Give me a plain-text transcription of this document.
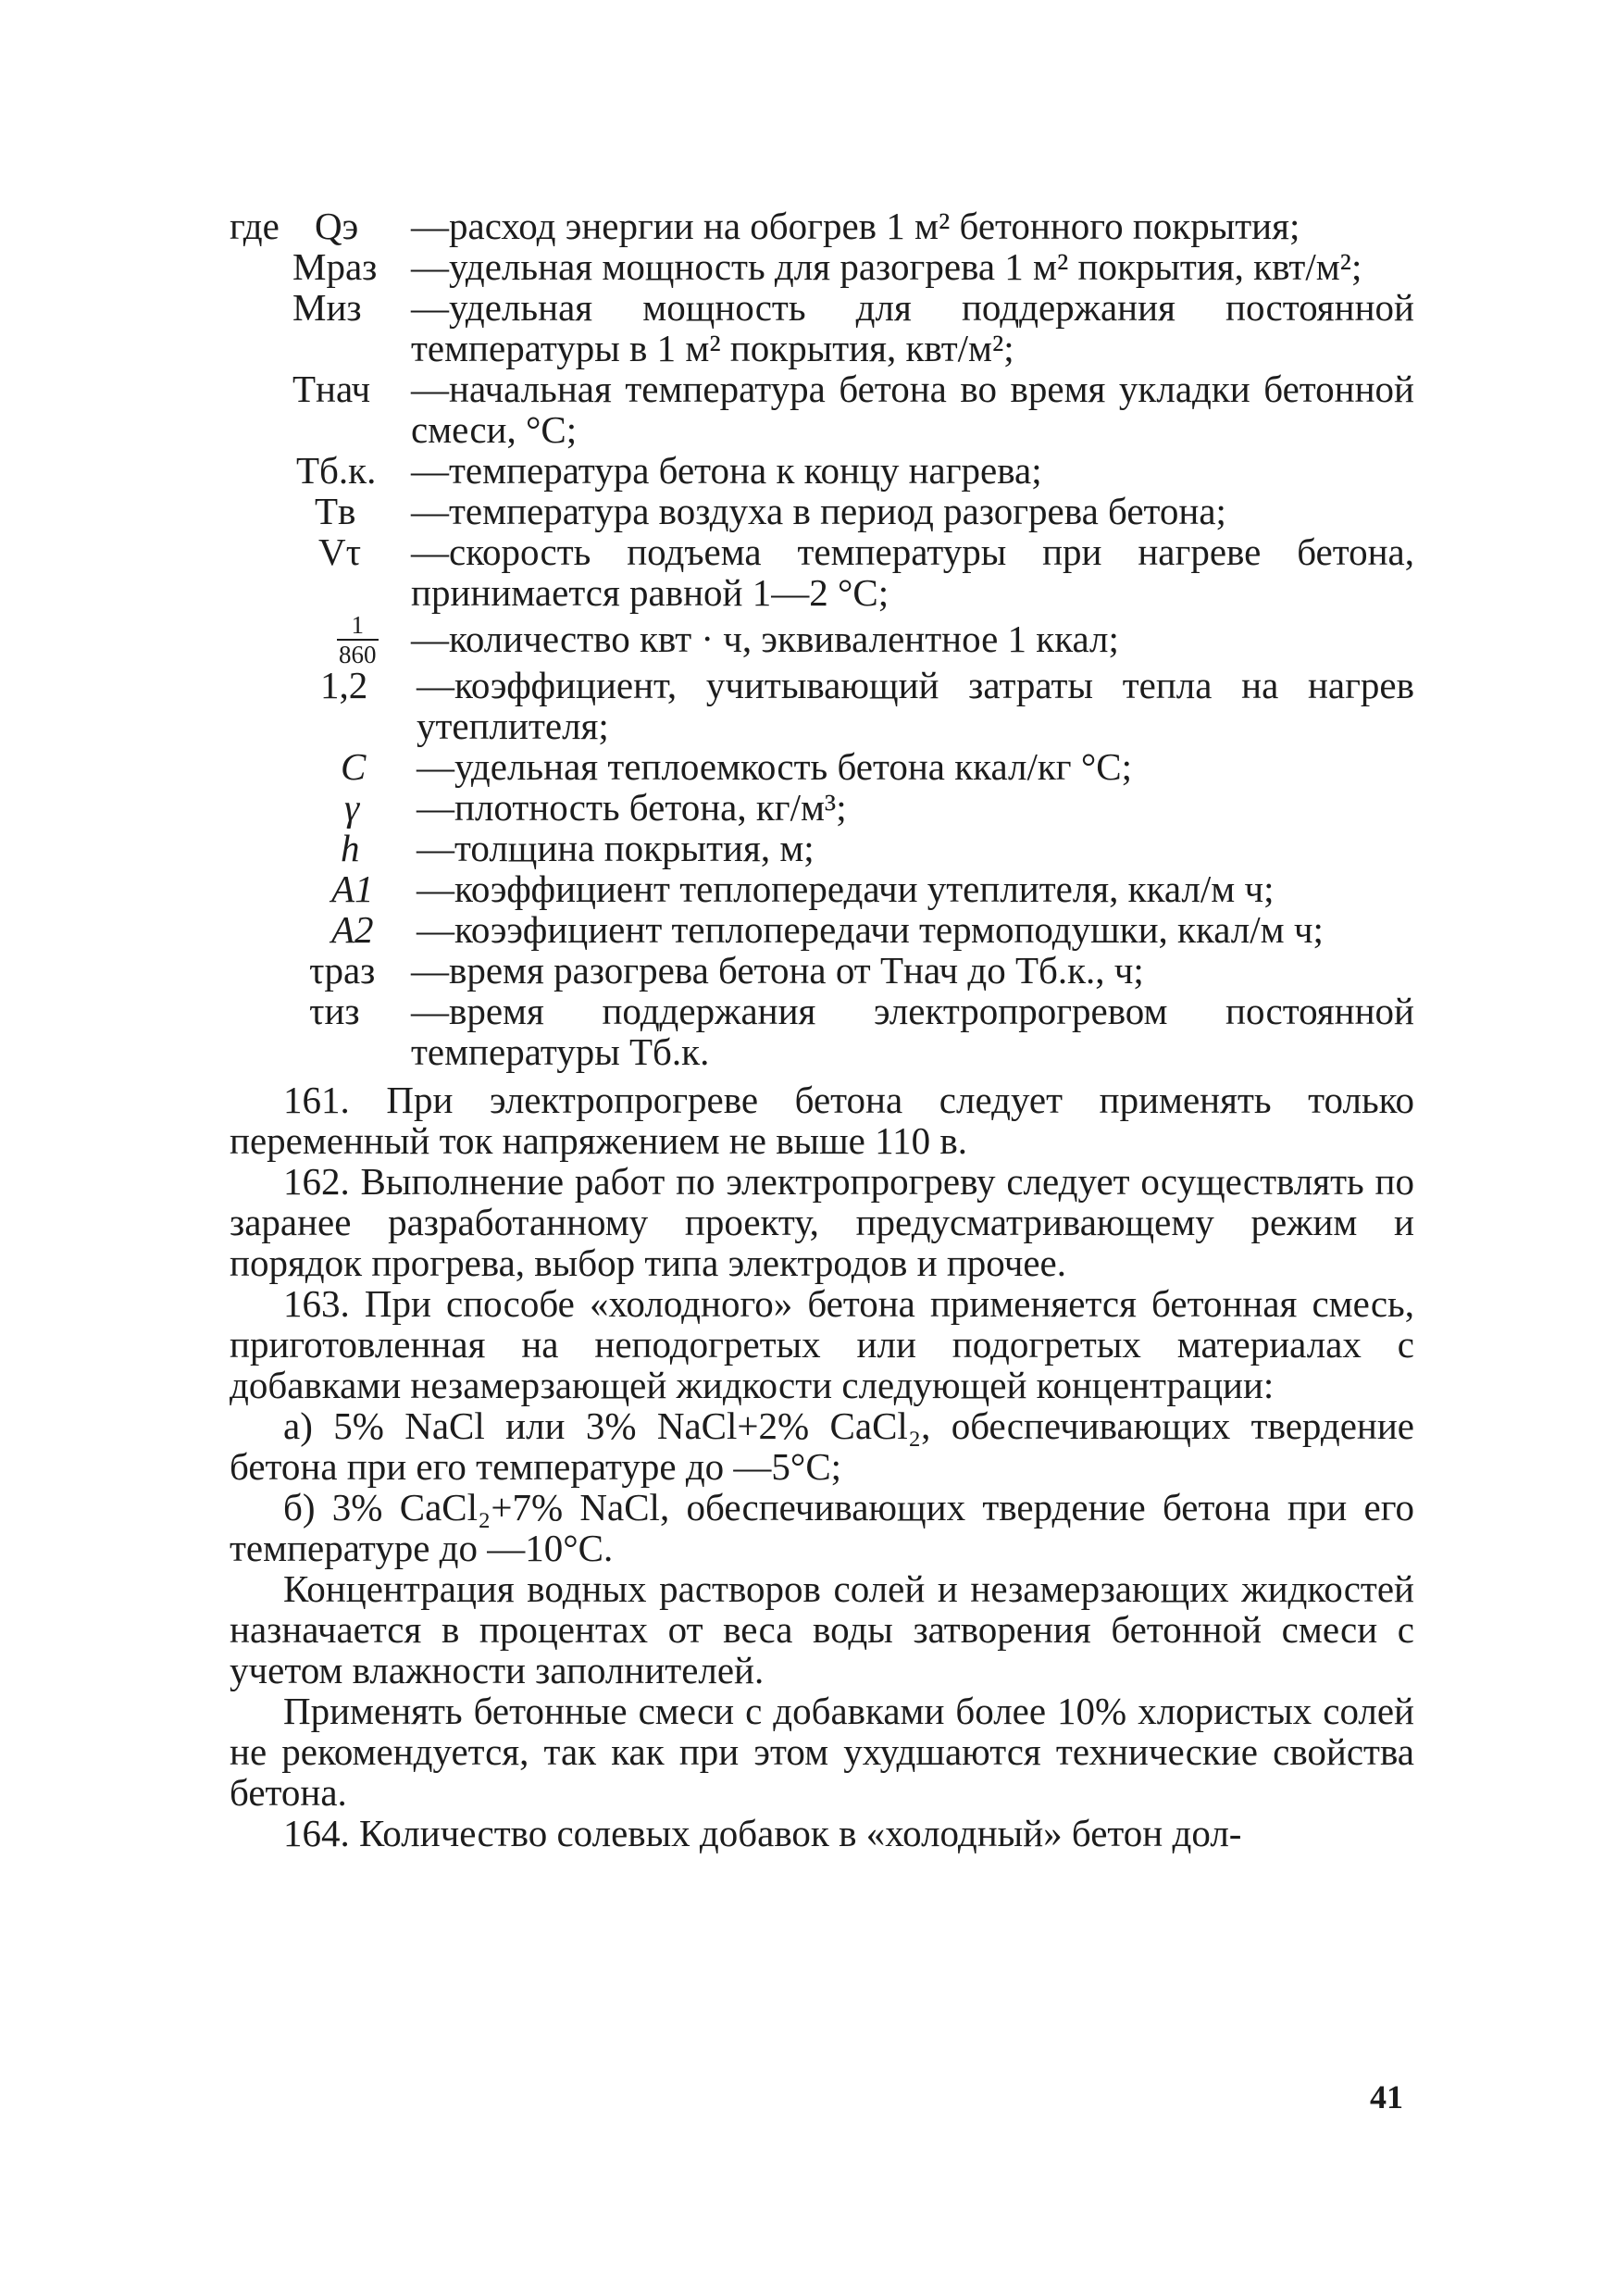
где Qэ —расход энергии на обогрев 1 м² бетонного покрытия;
Mраз —удельная мощность для разогрева 1 м² покрытия, квт/м²;
Mиз —удельная мощность для поддержания постоянной температуры в 1 м² покрытия, квт/м²;
Tнач —начальная температура бетона во время укладки бетонной смеси, °С;
Tб.к. —температура бетона к концу нагрева;
Tв —температура воздуха в период разогрева бетона;
Vτ —скорость подъема температуры при нагреве бетона, принимается равной 1—2 °С;
$\frac{1}{860}$ —количество квт · ч, эквивалентное 1 ккал;
1,2 —коэффициент, учитывающий затраты тепла на нагрев утеплителя;
C —удельная теплоемкость бетона ккал/кг °С;
γ —плотность бетона, кг/м³;
h —толщина покрытия, м;
A1 —коэффициент теплопередачи утеплителя, ккал/м ч;
A2 —коээфициент теплопередачи термоподушки, ккал/м ч;
τраз —время разогрева бетона от Tнач до Tб.к., ч;
τиз —время поддержания электропрогревом постоянной температуры Tб.к.

161. При электропрогреве бетона следует применять только переменный ток напряжением не выше 110 в.

162. Выполнение работ по электропрогреву следует осуществлять по заранее разработанному проекту, предусматривающему режим и порядок прогрева, выбор типа электродов и прочее.

163. При способе «холодного» бетона применяется бетонная смесь, приготовленная на неподогретых или подогретых материалах с добавками незамерзающей жидкости следующей концентрации:

а) 5% NaCl или 3% NaCl+2% CaCl₂, обеспечивающих твердение бетона при его температуре до —5°С;

б) 3% CaCl₂+7% NaCl, обеспечивающих твердение бетона при его температуре до —10°С.

Концентрация водных растворов солей и незамерзающих жидкостей назначается в процентах от веса воды затворения бетонной смеси с учетом влажности заполнителей.

Применять бетонные смеси с добавками более 10% хлористых солей не рекомендуется, так как при этом ухудшаются технические свойства бетона.

164. Количество солевых добавок в «холодный» бетон дол-

41
